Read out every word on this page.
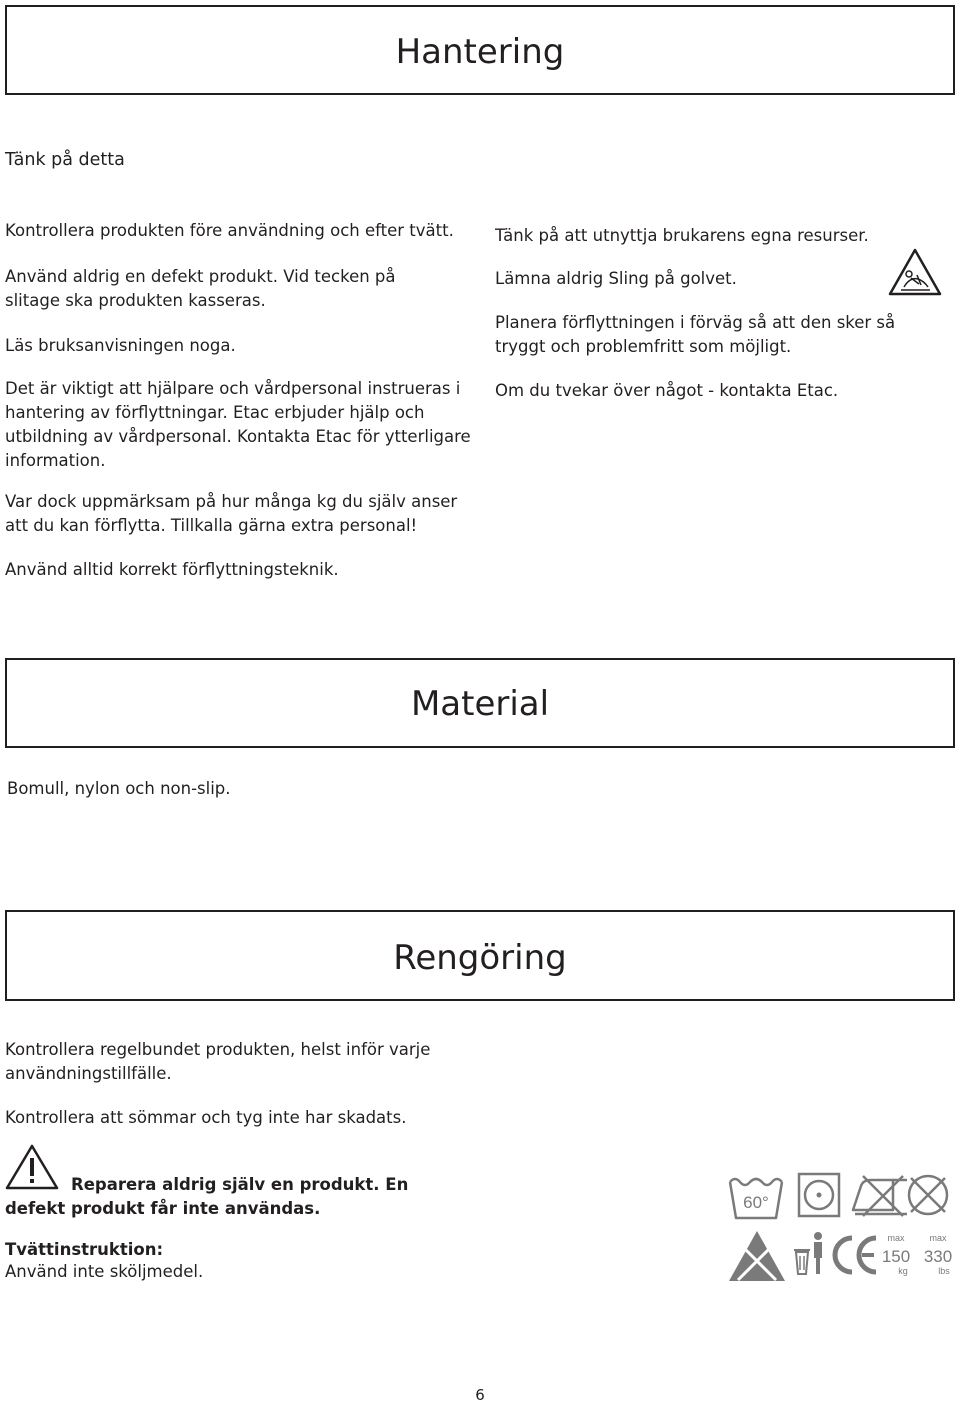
Hantering
Tänk på detta
Kontrollera produkten före användning och efter tvätt.
Använd aldrig en defekt produkt. Vid tecken på slitage ska produkten kasseras.
Läs bruksanvisningen noga.
Det är viktigt att hjälpare och vårdpersonal instrueras i hantering av förflyttningar. Etac erbjuder hjälp och utbildning av vårdpersonal. Kontakta Etac för ytterligare information.
Tänk på att utnyttja brukarens egna resurser.
Lämna aldrig Sling på golvet.
Planera förflyttningen i förväg så att den sker så tryggt och problemfritt som möjligt.
Om du tvekar över något - kontakta Etac.
Var dock uppmärksam på hur många kg du själv anser att du kan förflytta. Tillkalla gärna extra personal!
Använd alltid korrekt förflyttningsteknik.
Material
Bomull, nylon och non-slip.
Rengöring
Kontrollera regelbundet produkten, helst inför varje användningstillfälle.
Kontrollera att sömmar och tyg inte har skadats.
Reparera aldrig själv en produkt. En defekt produkt får inte användas.
Tvättinstruktion:
Använd inte sköljmedel.
60°
max
150
kg
max
330
lbs
6
